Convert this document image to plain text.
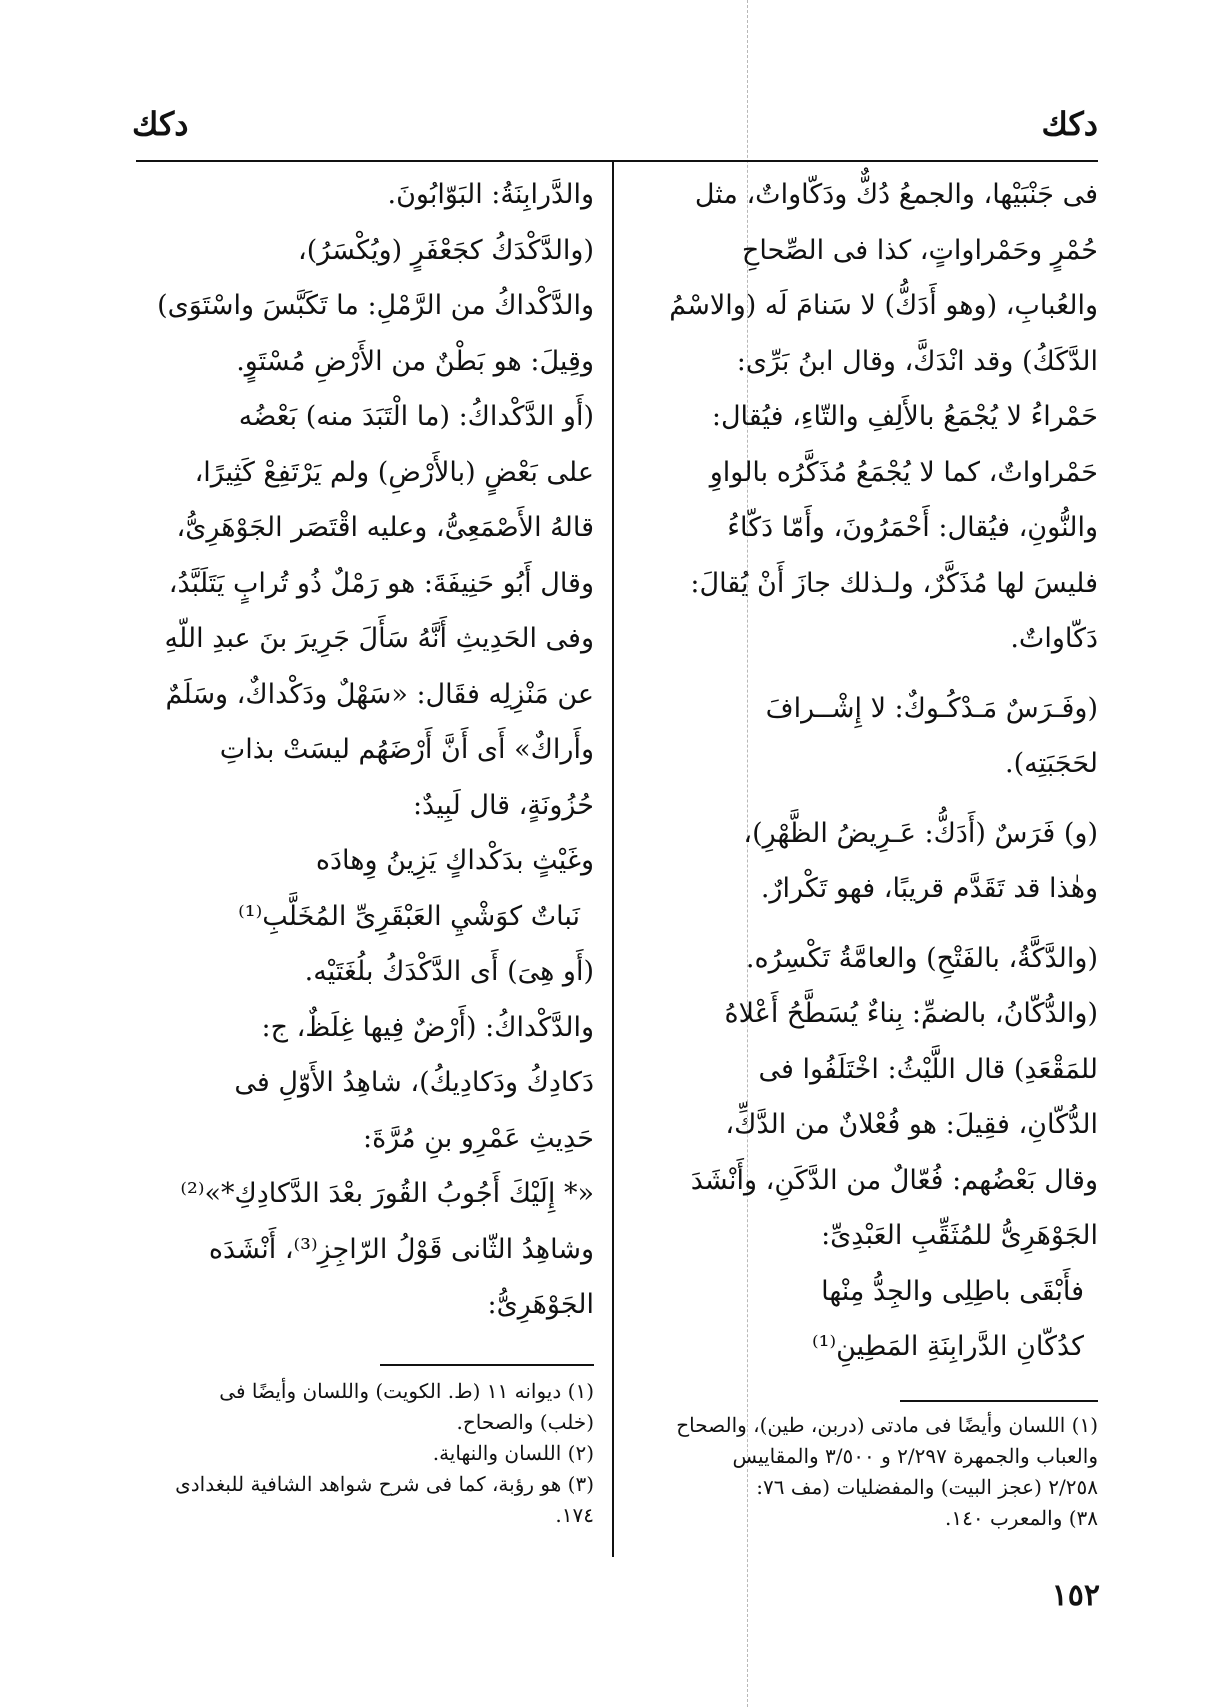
دكك	دكك

فى جَنْبَيْها، والجمعُ دُكٌّ ودَكّاواتٌ، مثل

حُمْرٍ وحَمْراواتٍ، كذا فى الصِّحاحِ

والعُبابِ، (وهو أَدَكُّ) لا سَنامَ لَه (والاسْمُ

الدَّكَكُ) وقد انْدَكَّ، وقال ابنُ بَرِّى:

حَمْراءُ لا يُجْمَعُ بالأَلِفِ والتّاءِ، فيُقال:

حَمْراواتٌ، كما لا يُجْمَعُ مُذَكَّرُه بالواوِ

والنُّونِ، فيُقال: أَحْمَرُونَ، وأَمّا دَكّاءُ

فليسَ لها مُذَكَّرٌ، ولـذلك جازَ أَنْ يُقالَ:

دَكّاواتٌ.

(وفَـرَسٌ مَـدْكُـوكٌ: لا إِشْــرافَ

لحَجَبَتِه).

(و) فَرَسٌ (أَدَكُّ: عَـرِيضُ الظَّهْرِ)،

وهٰذا قد تَقَدَّم قريبًا، فهو تَكْرارٌ.

(والدَّكَّةُ، بالفَتْحِ) والعامَّةُ تَكْسِرُه.

(والدُّكّانُ، بالضمِّ: بِناءٌ يُسَطَّحُ أَعْلاهُ

للمَقْعَدِ) قال اللَّيْثُ: اخْتَلَفُوا فى

الدُّكّانِ، فقِيلَ: هو فُعْلانٌ من الدَّكِّ،

وقال بَعْضُهم: فُعّالٌ من الدَّكَنِ، وأَنْشَدَ

الجَوْهَرِىُّ للمُثَقِّبِ العَبْدِىِّ:

فأَبْقَى باطِلِى والجِدُّ مِنْها

كدُكّانِ الدَّرابِنَةِ المَطِينِ⁽¹⁾

والدَّرابِنَةُ: البَوّابُونَ.

(والدَّكْدَكُ كجَعْفَرٍ (ويُكْسَرُ)،

والدَّكْداكُ من الرَّمْلِ: ما تَكَبَّسَ واسْتَوَى)

وقِيلَ: هو بَطْنٌ من الأَرْضِ مُسْتَوٍ.

(أَو الدَّكْداكُ: (ما الْتَبَدَ منه) بَعْضُه

على بَعْضٍ (بالأَرْضِ) ولم يَرْتَفِعْ كَثِيرًا،

قالهُ الأَصْمَعِىُّ، وعليه اقْتَصَر الجَوْهَرِىُّ،

وقال أَبُو حَنِيفَةَ: هو رَمْلٌ ذُو تُرابٍ يَتَلَبَّدُ،

وفى الحَدِيثِ أَنَّهُ سَأَلَ جَرِيرَ بنَ عبدِ اللّهِ

عن مَنْزِلِه فقَال: «سَهْلٌ ودَكْداكٌ، وسَلَمٌ

وأَراكٌ» أَى أَنَّ أَرْضَهُم ليسَتْ بذاتِ

حُزُونَةٍ، قال لَبِيدٌ:

وغَيْثٍ بدَكْداكٍ يَزِينُ وِهادَه

نَباتٌ كوَشْيِ العَبْقَرِىِّ المُخَلَّبِ⁽¹⁾

(أَو هِىَ) أَى الدَّكْدَكُ بلُغَتَيْه.

والدَّكْداكُ: (أَرْضٌ فِيها غِلَظٌ، ج:

دَكادِكُ ودَكادِيكُ)، شاهِدُ الأَوّلِ فى

حَدِيثِ عَمْرِو بنِ مُرَّةَ:

«* إِلَيْكَ أَجُوبُ القُورَ بعْدَ الدَّكادِكِ*»⁽²⁾

وشاهِدُ الثّانى قَوْلُ الرّاجِزِ⁽³⁾، أَنْشَدَه

الجَوْهَرِىُّ:

(١) اللسان وأيضًا فى مادتى (دربن، طين)، والصحاح

والعباب والجمهرة ٢/٢٩٧ و ٣/٥٠٠ والمقاييس

٢/٢٥٨ (عجز البيت) والمفضليات (مف ٧٦:

٣٨) والمعرب ١٤٠.

(١) ديوانه ١١ (ط. الكويت) واللسان وأيضًا فى

(خلب) والصحاح.

(٢) اللسان والنهاية.

(٣) هو رؤبة، كما فى شرح شواهد الشافية للبغدادى

١٧٤.

١٥٢
